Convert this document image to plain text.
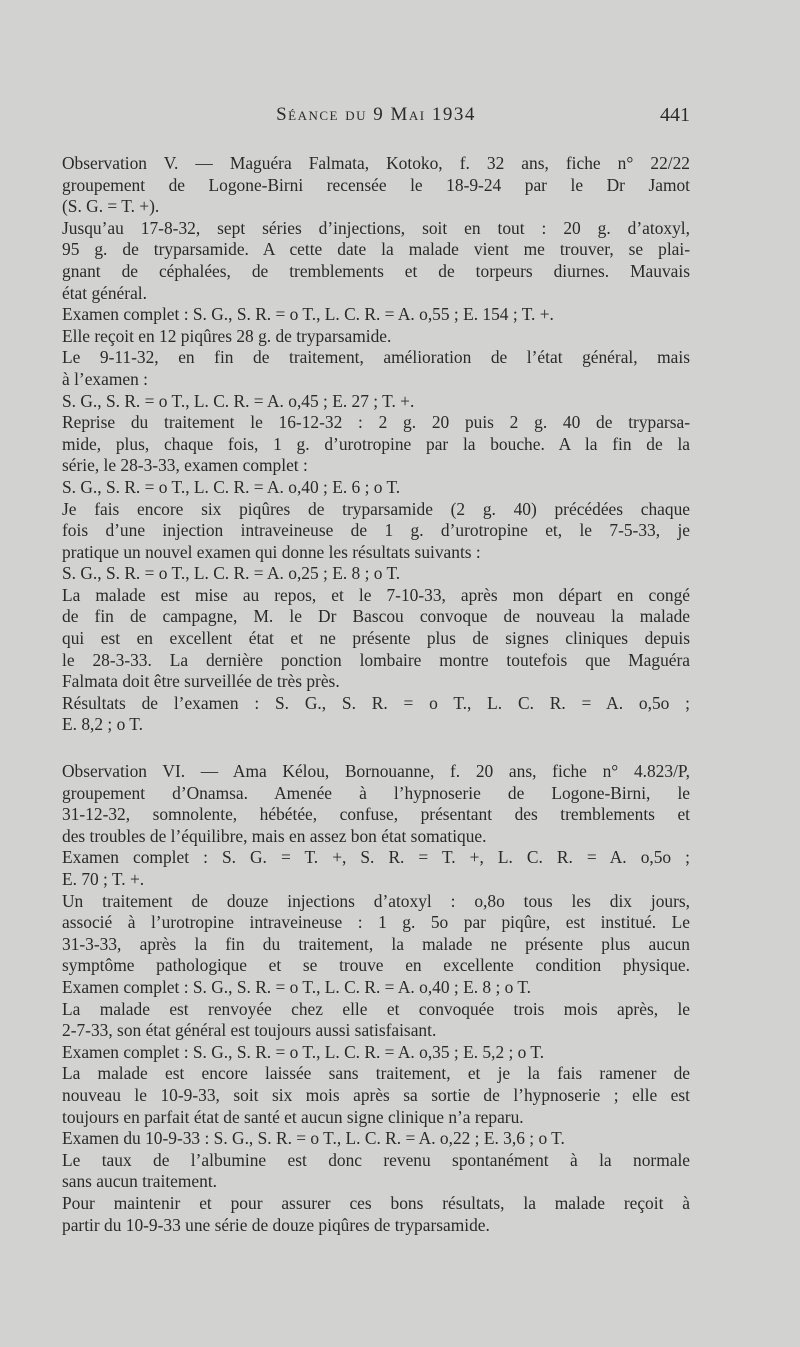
Séance du 9 Mai 1934	441
Observation V. — Maguéra Falmata, Kotoko, f. 32 ans, fiche n° 22/22
groupement de Logone-Birni recensée le 18-9-24 par le Dr Jamot
(S. G. = T. +).
Jusqu’au 17-8-32, sept séries d’injections, soit en tout : 20 g. d’atoxyl,
95 g. de tryparsamide. A cette date la malade vient me trouver, se plai-
gnant de céphalées, de tremblements et de torpeurs diurnes. Mauvais
état général.
Examen complet : S. G., S. R. = o T., L. C. R. = A. o,55 ; E. 154 ; T. +.
Elle reçoit en 12 piqûres 28 g. de tryparsamide.
Le 9-11-32, en fin de traitement, amélioration de l’état général, mais
à l’examen :
S. G., S. R. = o T., L. C. R. = A. o,45 ; E. 27 ; T. +.
Reprise du traitement le 16-12-32 : 2 g. 20 puis 2 g. 40 de tryparsa-
mide, plus, chaque fois, 1 g. d’urotropine par la bouche. A la fin de la
série, le 28-3-33, examen complet :
S. G., S. R. = o T., L. C. R. = A. o,40 ; E. 6 ; o T.
Je fais encore six piqûres de tryparsamide (2 g. 40) précédées chaque
fois d’une injection intraveineuse de 1 g. d’urotropine et, le 7-5-33, je
pratique un nouvel examen qui donne les résultats suivants :
S. G., S. R. = o T., L. C. R. = A. o,25 ; E. 8 ; o T.
La malade est mise au repos, et le 7-10-33, après mon départ en congé
de fin de campagne, M. le Dr Bascou convoque de nouveau la malade
qui est en excellent état et ne présente plus de signes cliniques depuis
le 28-3-33. La dernière ponction lombaire montre toutefois que Maguéra
Falmata doit être surveillée de très près.
Résultats de l’examen : S. G., S. R. = o T., L. C. R. = A. o,5o ;
E. 8,2 ; o T.
Observation VI. — Ama Kélou, Bornouanne, f. 20 ans, fiche n° 4.823/P,
groupement d’Onamsa. Amenée à l’hypnoserie de Logone-Birni, le
31-12-32, somnolente, hébétée, confuse, présentant des tremblements et
des troubles de l’équilibre, mais en assez bon état somatique.
Examen complet : S. G. = T. +, S. R. = T. +, L. C. R. = A. o,5o ;
E. 70 ; T. +.
Un traitement de douze injections d’atoxyl : o,8o tous les dix jours,
associé à l’urotropine intraveineuse : 1 g. 5o par piqûre, est institué. Le
31-3-33, après la fin du traitement, la malade ne présente plus aucun
symptôme pathologique et se trouve en excellente condition physique.
Examen complet : S. G., S. R. = o T., L. C. R. = A. o,40 ; E. 8 ; o T.
La malade est renvoyée chez elle et convoquée trois mois après, le
2-7-33, son état général est toujours aussi satisfaisant.
Examen complet : S. G., S. R. = o T., L. C. R. = A. o,35 ; E. 5,2 ; o T.
La malade est encore laissée sans traitement, et je la fais ramener de
nouveau le 10-9-33, soit six mois après sa sortie de l’hypnoserie ; elle est
toujours en parfait état de santé et aucun signe clinique n’a reparu.
Examen du 10-9-33 : S. G., S. R. = o T., L. C. R. = A. o,22 ; E. 3,6 ; o T.
Le taux de l’albumine est donc revenu spontanément à la normale
sans aucun traitement.
Pour maintenir et pour assurer ces bons résultats, la malade reçoit à
partir du 10-9-33 une série de douze piqûres de tryparsamide.
